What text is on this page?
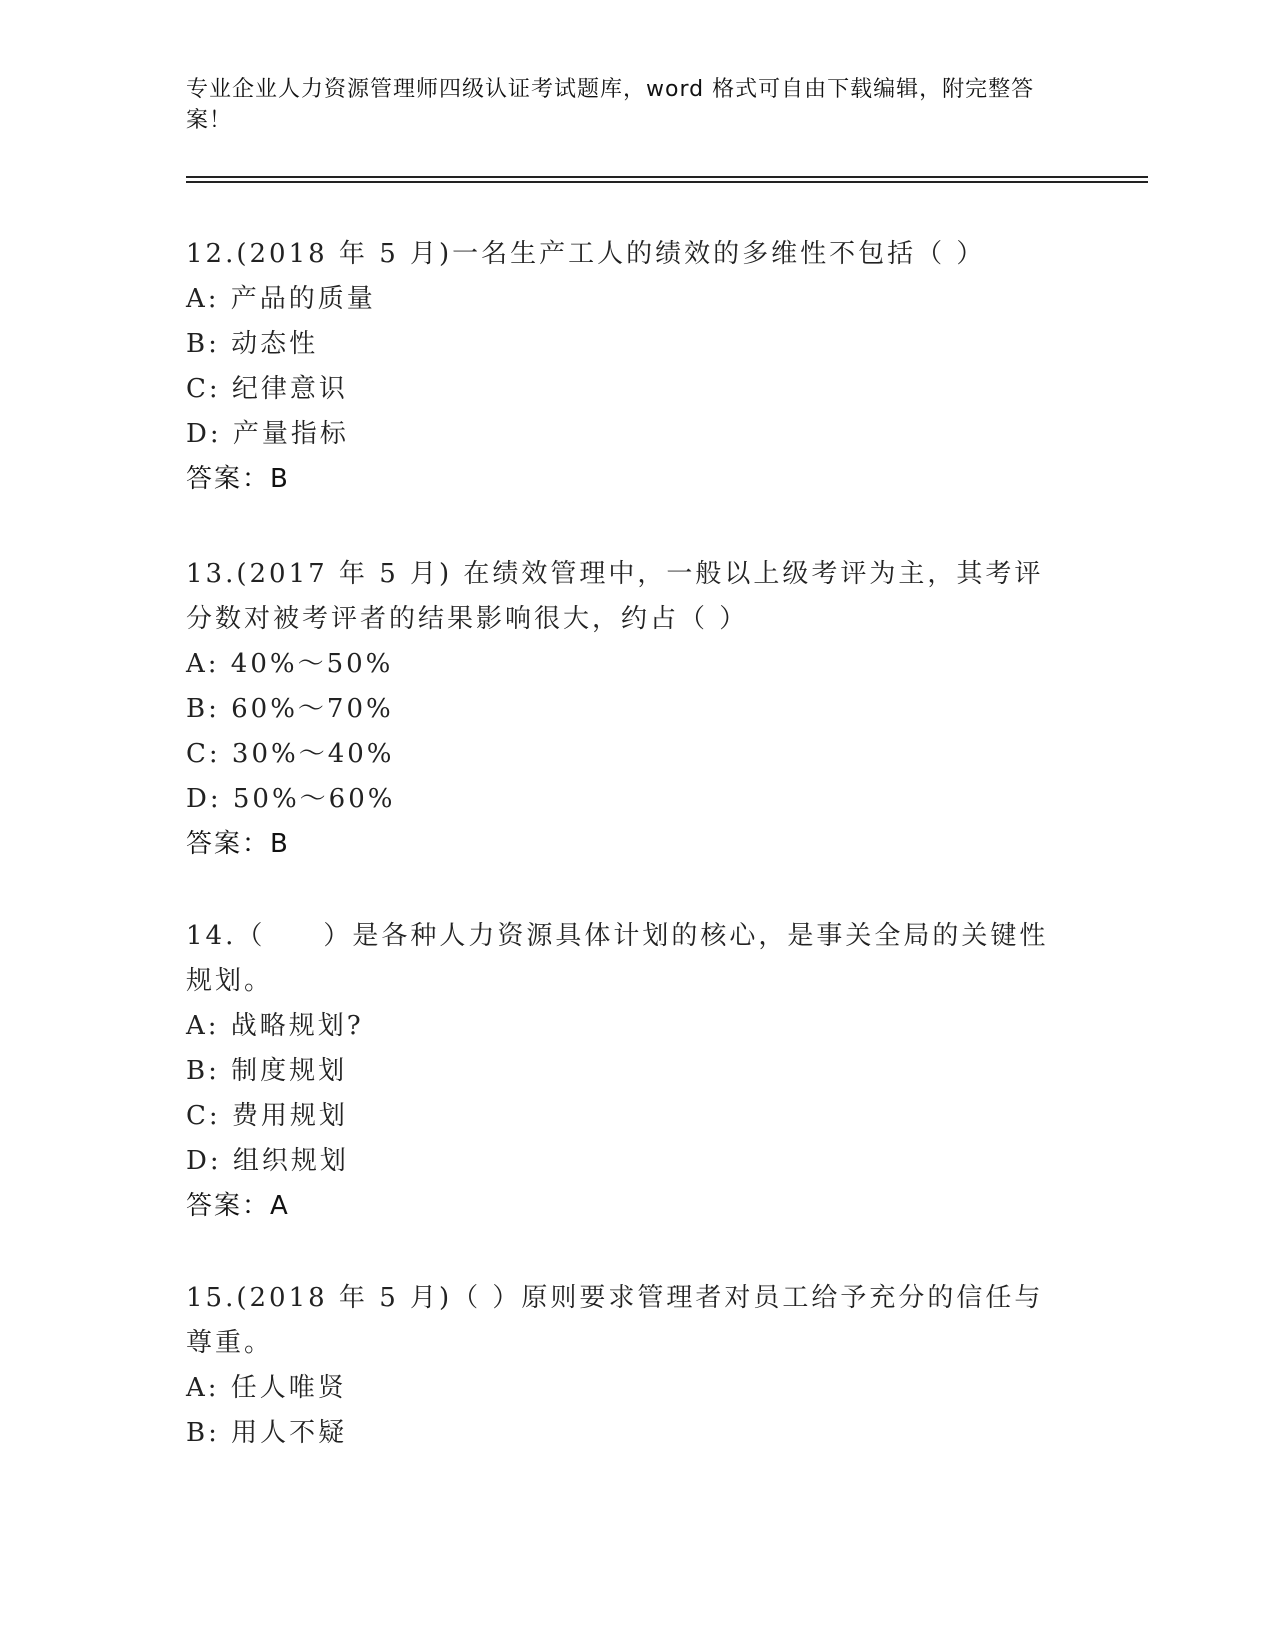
专业企业人力资源管理师四级认证考试题库，word 格式可自由下载编辑，附完整答案！

12.(2018 年 5 月)一名生产工人的绩效的多维性不包括（ ）

A: 产品的质量

B: 动态性

C: 纪律意识

D: 产量指标

答案：B

13.(2017 年 5 月) 在绩效管理中，一般以上级考评为主，其考评分数对被考评者的结果影响很大，约占（ ）

A: 40%～50%

B: 60%～70%

C: 30%～40%

D: 50%～60%

答案：B

14.（　　）是各种人力资源具体计划的核心，是事关全局的关键性规划。

A: 战略规划?

B: 制度规划

C: 费用规划

D: 组织规划

答案：A

15.(2018 年 5 月)（ ）原则要求管理者对员工给予充分的信任与尊重。

A: 任人唯贤

B: 用人不疑
